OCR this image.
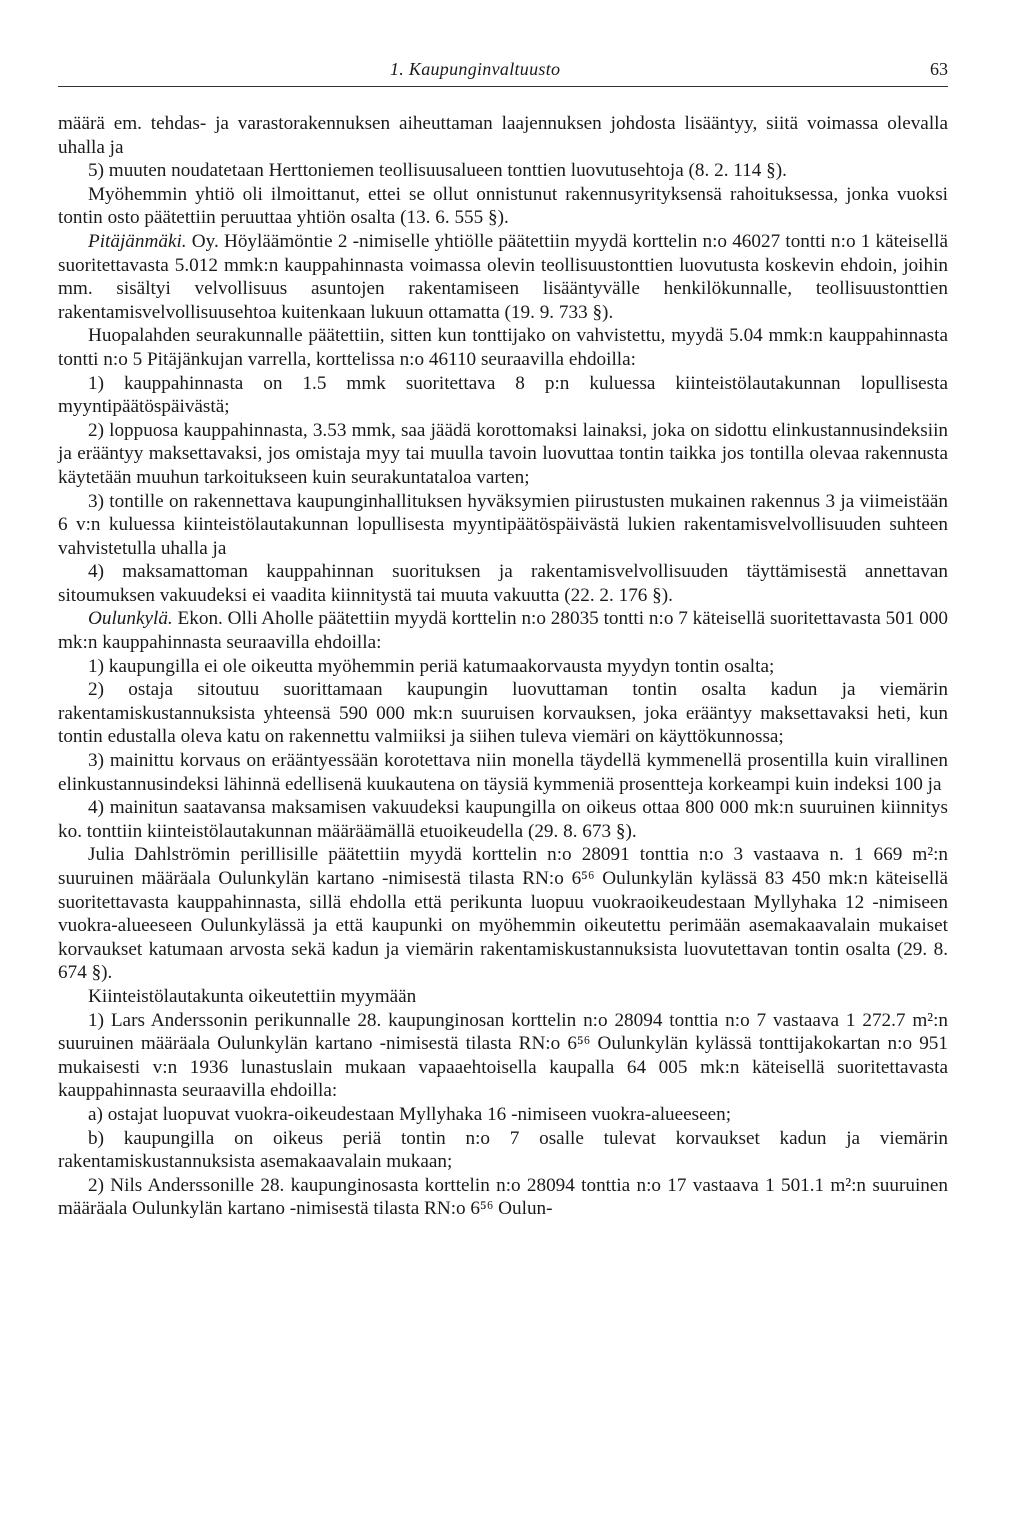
1. Kaupunginvaltuusto	63

määrä em. tehdas- ja varastorakennuksen aiheuttaman laajennuksen johdosta lisääntyy, siitä voimassa olevalla uhalla ja

5) muuten noudatetaan Herttoniemen teollisuusalueen tonttien luovutusehtoja (8. 2. 114 §).

Myöhemmin yhtiö oli ilmoittanut, ettei se ollut onnistunut rakennusyrityksensä rahoituksessa, jonka vuoksi tontin osto päätettiin peruuttaa yhtiön osalta (13. 6. 555 §).

Pitäjänmäki. Oy. Höyläämöntie 2 -nimiselle yhtiölle päätettiin myydä korttelin n:o 46027 tontti n:o 1 käteisellä suoritettavasta 5.012 mmk:n kauppahinnasta voimassa olevin teollisuustonttien luovutusta koskevin ehdoin, joihin mm. sisältyi velvollisuus asuntojen rakentamiseen lisääntyvälle henkilökunnalle, teollisuustonttien rakentamisvelvollisuusehtoa kuitenkaan lukuun ottamatta (19. 9. 733 §).

Huopalahden seurakunnalle päätettiin, sitten kun tonttijako on vahvistettu, myydä 5.04 mmk:n kauppahinnasta tontti n:o 5 Pitäjänkujan varrella, korttelissa n:o 46110 seuraavilla ehdoilla:

1) kauppahinnasta on 1.5 mmk suoritettava 8 p:n kuluessa kiinteistölautakunnan lopullisesta myyntipäätöspäivästä;

2) loppuosa kauppahinnasta, 3.53 mmk, saa jäädä korottomaksi lainaksi, joka on sidottu elinkustannusindeksiin ja erääntyy maksettavaksi, jos omistaja myy tai muulla tavoin luovuttaa tontin taikka jos tontilla olevaa rakennusta käytetään muuhun tarkoitukseen kuin seurakuntataloa varten;

3) tontille on rakennettava kaupunginhallituksen hyväksymien piirustusten mukainen rakennus 3 ja viimeistään 6 v:n kuluessa kiinteistölautakunnan lopullisesta myyntipäätöspäivästä lukien rakentamisvelvollisuuden suhteen vahvistetulla uhalla ja

4) maksamattoman kauppahinnan suorituksen ja rakentamisvelvollisuuden täyttämisestä annettavan sitoumuksen vakuudeksi ei vaadita kiinnitystä tai muuta vakuutta (22. 2. 176 §).

Oulunkylä. Ekon. Olli Aholle päätettiin myydä korttelin n:o 28035 tontti n:o 7 käteisellä suoritettavasta 501 000 mk:n kauppahinnasta seuraavilla ehdoilla:

1) kaupungilla ei ole oikeutta myöhemmin periä katumaakorvausta myydyn tontin osalta;

2) ostaja sitoutuu suorittamaan kaupungin luovuttaman tontin osalta kadun ja viemärin rakentamiskustannuksista yhteensä 590 000 mk:n suuruisen korvauksen, joka erääntyy maksettavaksi heti, kun tontin edustalla oleva katu on rakennettu valmiiksi ja siihen tuleva viemäri on käyttökunnossa;

3) mainittu korvaus on erääntyessään korotettava niin monella täydellä kymmenellä prosentilla kuin virallinen elinkustannusindeksi lähinnä edellisenä kuukautena on täysiä kymmeniä prosentteja korkeampi kuin indeksi 100 ja

4) mainitun saatavansa maksamisen vakuudeksi kaupungilla on oikeus ottaa 800 000 mk:n suuruinen kiinnitys ko. tonttiin kiinteistölautakunnan määräämällä etuoikeudella (29. 8. 673 §).

Julia Dahlströmin perillisille päätettiin myydä korttelin n:o 28091 tonttia n:o 3 vastaava n. 1 669 m²:n suuruinen määräala Oulunkylän kartano -nimisestä tilasta RN:o 6⁵⁶ Oulunkylän kylässä 83 450 mk:n käteisellä suoritettavasta kauppahinnasta, sillä ehdolla että perikunta luopuu vuokraoikeudestaan Myllyhaka 12 -nimiseen vuokra-alueeseen Oulunkylässä ja että kaupunki on myöhemmin oikeutettu perimään asemakaavalain mukaiset korvaukset katumaan arvosta sekä kadun ja viemärin rakentamiskustannuksista luovutettavan tontin osalta (29. 8. 674 §).

Kiinteistölautakunta oikeutettiin myymään

1) Lars Anderssonin perikunnalle 28. kaupunginosan korttelin n:o 28094 tonttia n:o 7 vastaava 1 272.7 m²:n suuruinen määräala Oulunkylän kartano -nimisestä tilasta RN:o 6⁵⁶ Oulunkylän kylässä tonttijakokartan n:o 951 mukaisesti v:n 1936 lunastuslain mukaan vapaaehtoisella kaupalla 64 005 mk:n käteisellä suoritettavasta kauppahinnasta seuraavilla ehdoilla:

a) ostajat luopuvat vuokra-oikeudestaan Myllyhaka 16 -nimiseen vuokra-alueeseen;

b) kaupungilla on oikeus periä tontin n:o 7 osalle tulevat korvaukset kadun ja viemärin rakentamiskustannuksista asemakaavalain mukaan;

2) Nils Anderssonille 28. kaupunginosasta korttelin n:o 28094 tonttia n:o 17 vastaava 1 501.1 m²:n suuruinen määräala Oulunkylän kartano -nimisestä tilasta RN:o 6⁵⁶ Oulun-
